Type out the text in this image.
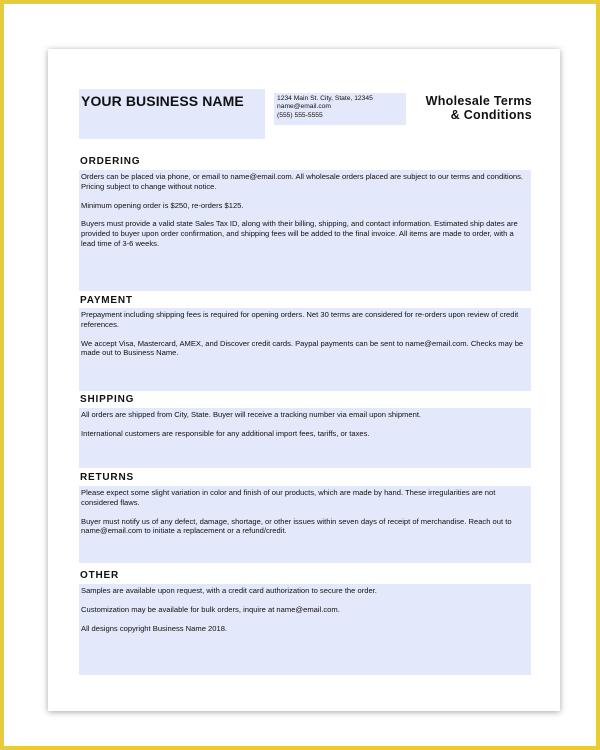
YOUR BUSINESS NAME	1234 Main St. City, State, 12345
name@email.com
(555) 555-5555
Wholesale Terms
& Conditions
ORDERING

Orders can be placed via phone, or email to name@email.com. All wholesale orders placed are subject to our terms and conditions. Pricing subject to change without notice.

Minimum opening order is $250, re-orders $125.

Buyers must provide a valid state Sales Tax ID, along with their billing, shipping, and contact information. Estimated ship dates are provided to buyer upon order confirmation, and shipping fees will be added to the final invoice. All items are made to order, with a lead time of 3-6 weeks.

PAYMENT

Prepayment including shipping fees is required for opening orders. Net 30 terms are considered for re-orders upon review of credit references.

We accept Visa, Mastercard, AMEX, and Discover credit cards. Paypal payments can be sent to name@email.com. Checks may be made out to Business Name.

SHIPPING

All orders are shipped from City, State. Buyer will receive a tracking number via email upon shipment.

International customers are responsible for any additional import fees, tariffs, or taxes.

RETURNS

Please expect some slight variation in color and finish of our products, which are made by hand. These irregularities are not considered flaws.

Buyer must notify us of any defect, damage, shortage, or other issues within seven days of receipt of merchandise. Reach out to name@email.com to initiate a replacement or a refund/credit.

OTHER

Samples are available upon request, with a credit card authorization to secure the order.

Customization may be available for bulk orders, inquire at name@email.com.

All designs copyright Business Name 2018.
